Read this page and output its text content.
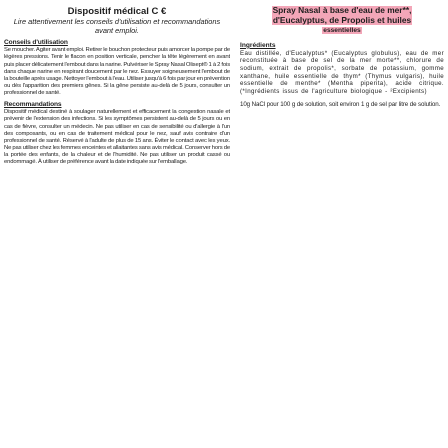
Dispositif médical C €
Lire attentivement les conseils d'utilisation et recommandations avant emploi.
Conseils d'utilisation

Se moucher. Agiter avant emploi. Retirer le bouchon protecteur puis amorcer la pompe par de légères pressions. Tenir le flacon en position verticale, pencher la tête légèrement en avant puis placer délicatement l'embout dans la narine. Pulvériser le Spray Nasal Olisept® 1 à 2 fois dans chaque narine en respirant doucement par le nez. Essuyer soigneusement l'embout de la bouteille après usage. Nettoyer l'embout à l'eau. Utiliser jusqu'à 6 fois par jour en prévention ou dès l'apparition des premiers gênes. Si la gêne persiste au-delà de 5 jours, consulter un professionnel de santé.

Recommandations

Dispositif médical destiné à soulager naturellement et efficacement la congestion nasale et prévenir de l'extension des infections. Si les symptômes persistent au-delà de 5 jours ou en cas de fièvre, consulter un médecin. Ne pas utiliser en cas de sensibilité ou d'allergie à l'un des composants, ou en cas de traitement médical pour le nez, sauf avis contraire d'un professionnel de santé. Réservé à l'adulte de plus de 15 ans. Éviter le contact avec les yeux. Ne pas utiliser chez les femmes enceintes et allaitantes sans avis médical. Conserver hors de la portée des enfants, de la chaleur et de l'humidité. Ne pas utiliser un produit cassé ou endommagé. À utiliser de préférence avant la date indiquée sur l'emballage.

Spray Nasal à base d'eau de mer**,
d'Eucalyptus, de Propolis et huiles
essentielles
Ingrédients

Eau distillée, d'Eucalyptus* (Eucalyptus globulus), eau de mer reconstituée à base de sel de la mer morte**, chlorure de sodium, extrait de propolis*, sorbate de potassium, gomme xanthane, huile essentielle de thym* (Thymus vulgaris), huile essentielle de menthe* (Mentha piperita), acide citrique. (*Ingrédients issus de l'agriculture biologique - ²Excipients)

10g NaCl pour 100 g de solution, soit environ 1 g de sel par litre de solution.
